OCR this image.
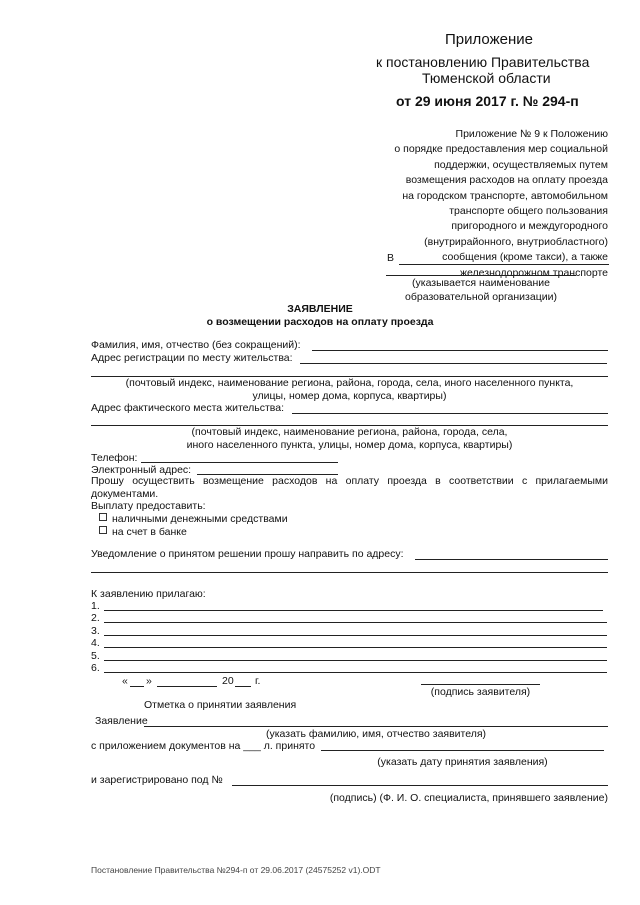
Приложение
к постановлению Правительства
Тюменской области
от 29 июня 2017 г. № 294-п
Приложение № 9 к Положению
о порядке предоставления мер социальной
поддержки, осуществляемых путем
возмещения расходов на оплату проезда
на городском транспорте, автомобильном
транспорте общего пользования
пригородного и междугородного
(внутрирайонного, внутриобластного)
сообщения (кроме такси), а также
железнодорожном транспорте
В
(указывается наименование
образовательной организации)
ЗАЯВЛЕНИЕ
о возмещении расходов на оплату проезда
Фамилия, имя, отчество (без сокращений):
Адрес регистрации по месту жительства:
(почтовый индекс, наименование региона, района, города, села, иного населенного пункта,
улицы, номер дома, корпуса, квартиры)
Адрес фактического места жительства:
(почтовый индекс, наименование региона, района, города, села,
иного населенного пункта, улицы, номер дома, корпуса, квартиры)
Телефон:
Электронный адрес:
Прошу осуществить возмещение расходов на оплату проезда в соответствии с прилагаемыми документами.
Выплату предоставить:
наличными денежными средствами
на счет в банке
Уведомление о принятом решении прошу направить по адресу:
К заявлению прилагаю:
1.
2.
3.
4.
5.
6.
« »	20 г.
(подпись заявителя)
Отметка о принятии заявления
Заявление
(указать фамилию, имя, отчество заявителя)
с приложением документов на ___ л. принято
(указать дату принятия заявления)
и зарегистрировано под №
(подпись) (Ф. И. О. специалиста, принявшего заявление)
Постановление Правительства №294-п от 29.06.2017 (24575252 v1).ODT
